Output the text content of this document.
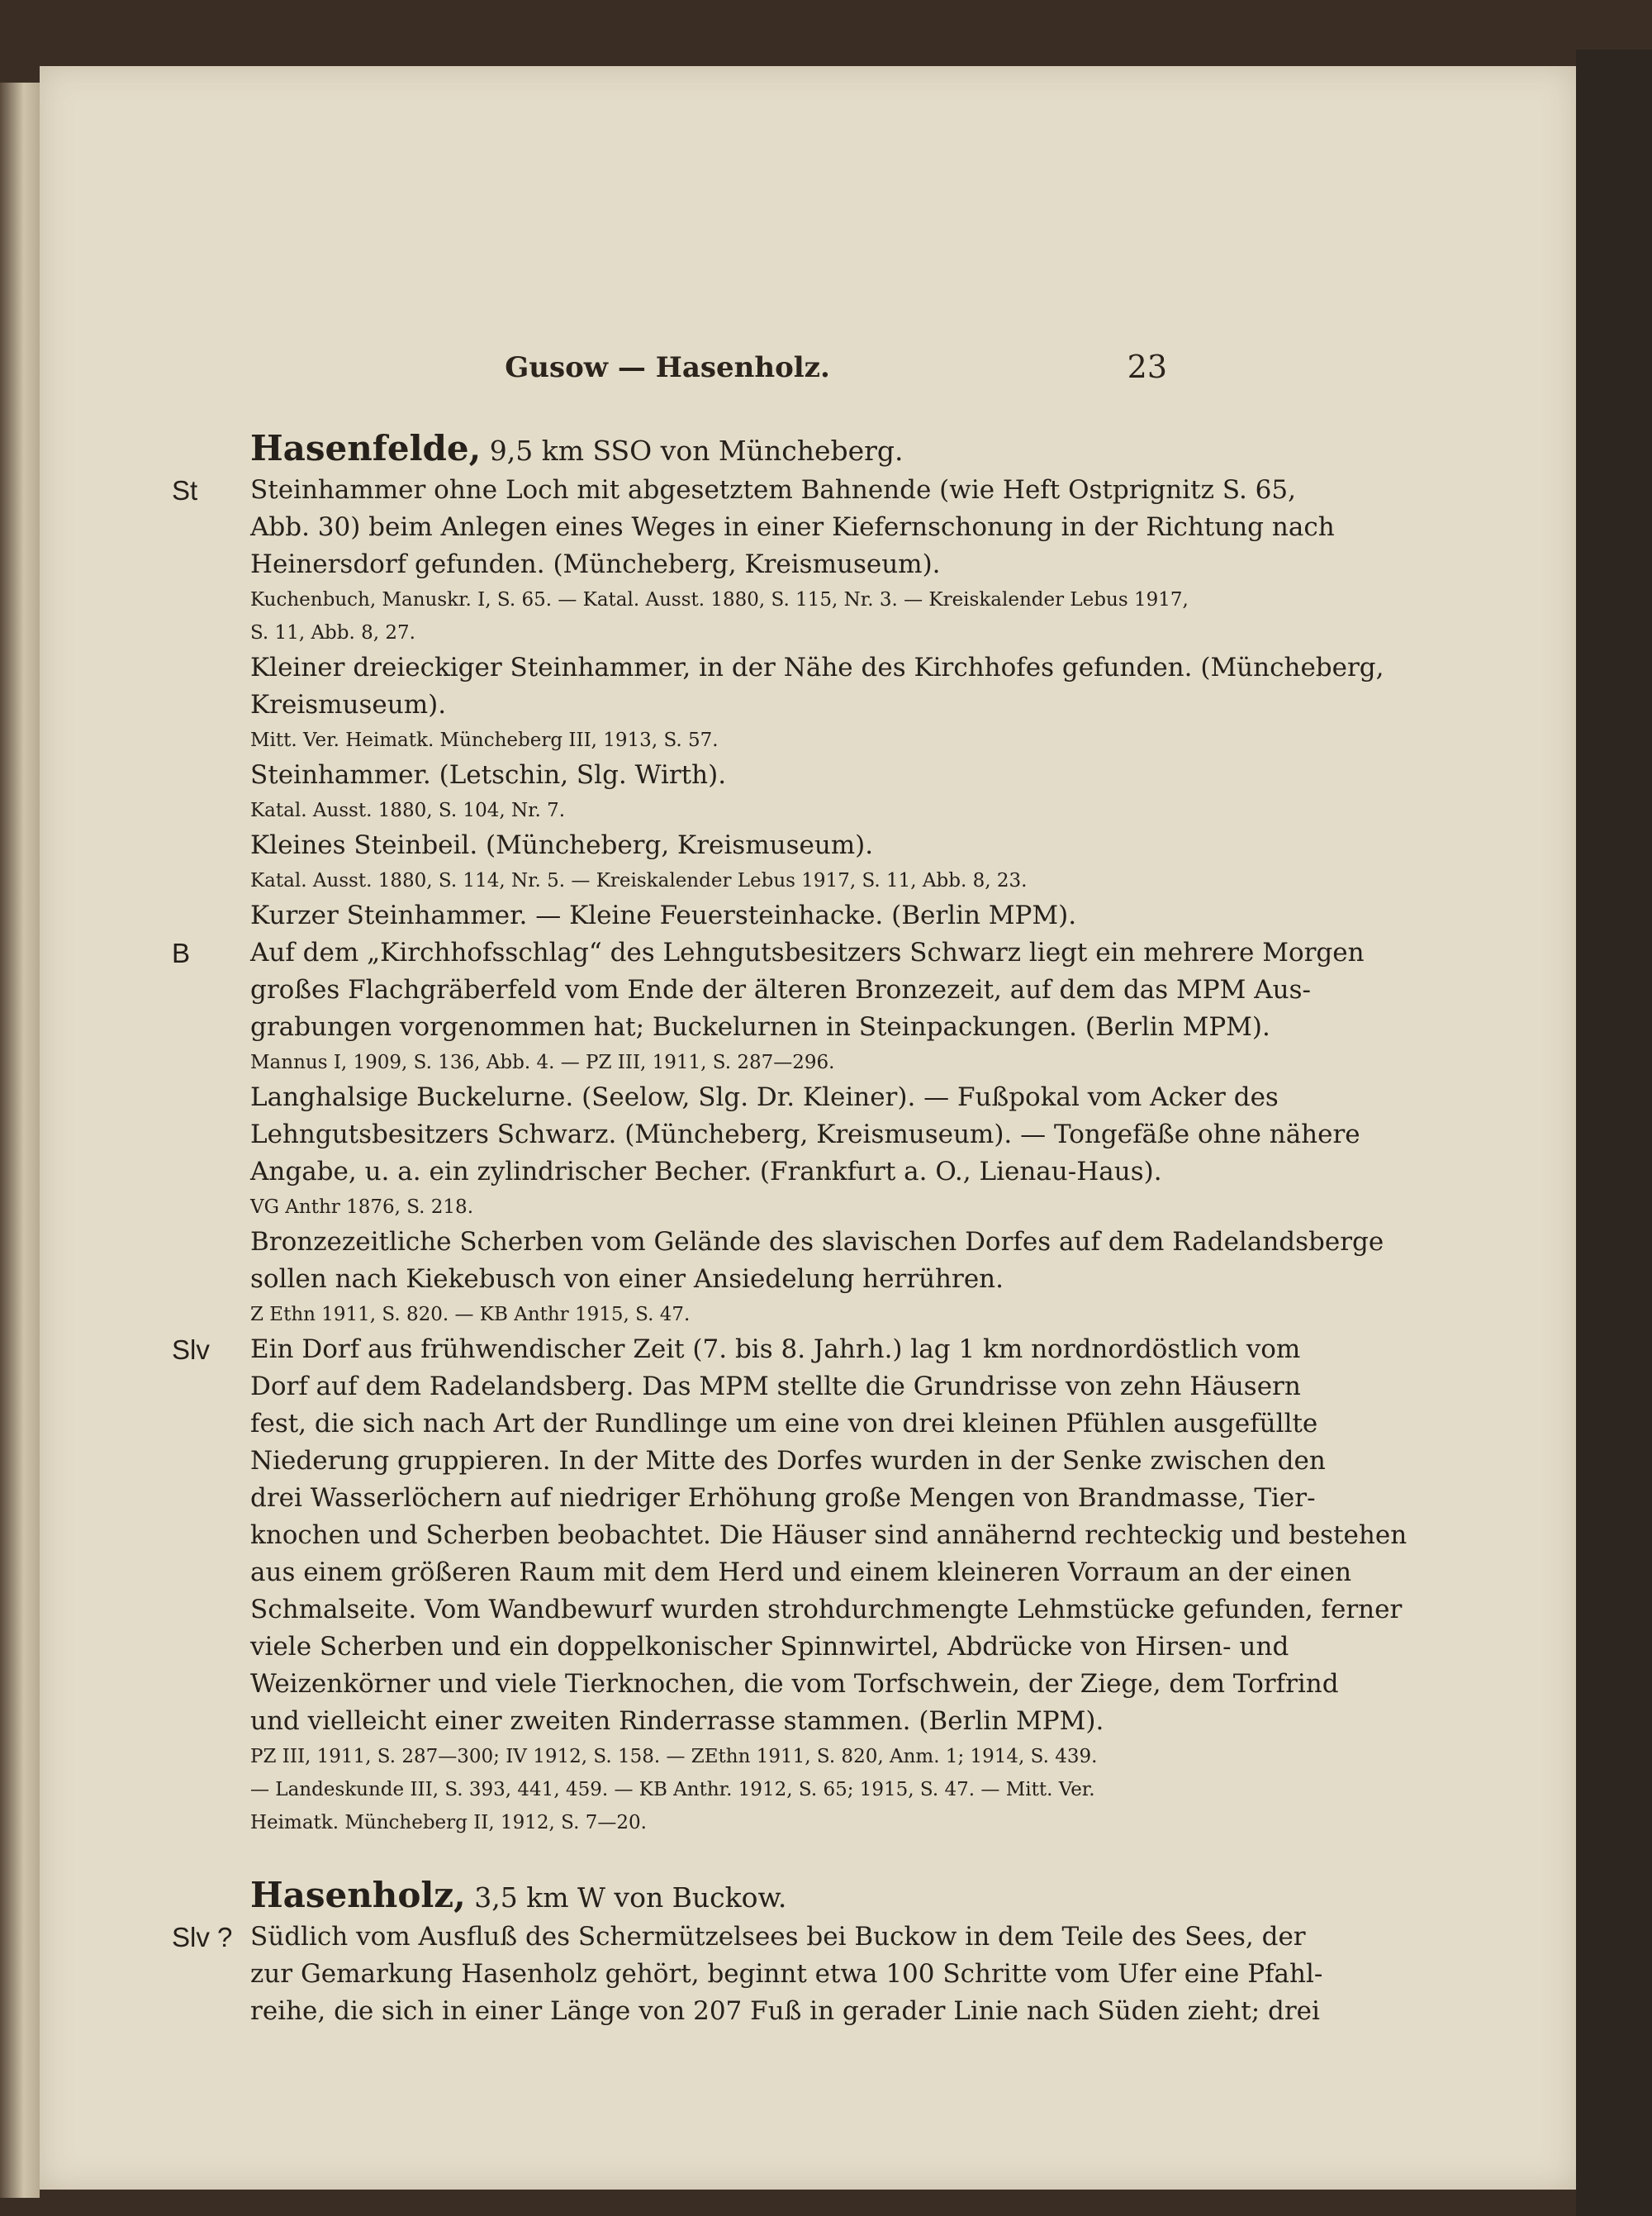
Gusow — Hasenholz.	23
Hasenfelde, 9,5 km SSO von Müncheberg.
Steinhammer ohne Loch mit abgesetztem Bahnende (wie Heft Ostprignitz S. 65,
St
Abb. 30) beim Anlegen eines Weges in einer Kiefernschonung in der Richtung nach
Heinersdorf gefunden. (Müncheberg, Kreismuseum).
Kuchenbuch, Manuskr. I, S. 65. — Katal. Ausst. 1880, S. 115, Nr. 3. — Kreiskalender Lebus 1917,
S. 11, Abb. 8, 27.
Kleiner dreieckiger Steinhammer, in der Nähe des Kirchhofes gefunden. (Müncheberg,
Kreismuseum).
Mitt. Ver. Heimatk. Müncheberg III, 1913, S. 57.
Steinhammer. (Letschin, Slg. Wirth).
Katal. Ausst. 1880, S. 104, Nr. 7.
Kleines Steinbeil. (Müncheberg, Kreismuseum).
Katal. Ausst. 1880, S. 114, Nr. 5. — Kreiskalender Lebus 1917, S. 11, Abb. 8, 23.
Kurzer Steinhammer. — Kleine Feuersteinhacke. (Berlin MPM).
Auf dem „Kirchhofsschlag“ des Lehngutsbesitzers Schwarz liegt ein mehrere Morgen
B
großes Flachgräberfeld vom Ende der älteren Bronzezeit, auf dem das MPM Aus-
grabungen vorgenommen hat; Buckelurnen in Steinpackungen. (Berlin MPM).
Mannus I, 1909, S. 136, Abb. 4. — PZ III, 1911, S. 287—296.
Langhalsige Buckelurne. (Seelow, Slg. Dr. Kleiner). — Fußpokal vom Acker des
Lehngutsbesitzers Schwarz. (Müncheberg, Kreismuseum). — Tongefäße ohne nähere
Angabe, u. a. ein zylindrischer Becher. (Frankfurt a. O., Lienau-Haus).
VG Anthr 1876, S. 218.
Bronzezeitliche Scherben vom Gelände des slavischen Dorfes auf dem Radelandsberge
sollen nach Kiekebusch von einer Ansiedelung herrühren.
Z Ethn 1911, S. 820. — KB Anthr 1915, S. 47.
Ein Dorf aus frühwendischer Zeit (7. bis 8. Jahrh.) lag 1 km nordnordöstlich vom
Slv
Dorf auf dem Radelandsberg. Das MPM stellte die Grundrisse von zehn Häusern
fest, die sich nach Art der Rundlinge um eine von drei kleinen Pfühlen ausgefüllte
Niederung gruppieren. In der Mitte des Dorfes wurden in der Senke zwischen den
drei Wasserlöchern auf niedriger Erhöhung große Mengen von Brandmasse, Tier-
knochen und Scherben beobachtet. Die Häuser sind annähernd rechteckig und bestehen
aus einem größeren Raum mit dem Herd und einem kleineren Vorraum an der einen
Schmalseite. Vom Wandbewurf wurden strohdurchmengte Lehmstücke gefunden, ferner
viele Scherben und ein doppelkonischer Spinnwirtel, Abdrücke von Hirsen- und
Weizenkörner und viele Tierknochen, die vom Torfschwein, der Ziege, dem Torfrind
und vielleicht einer zweiten Rinderrasse stammen. (Berlin MPM).
PZ III, 1911, S. 287—300; IV 1912, S. 158. — ZEthn 1911, S. 820, Anm. 1; 1914, S. 439.
— Landeskunde III, S. 393, 441, 459. — KB Anthr. 1912, S. 65; 1915, S. 47. — Mitt. Ver.
Heimatk. Müncheberg II, 1912, S. 7—20.
Hasenholz, 3,5 km W von Buckow.
Südlich vom Ausfluß des Schermützelsees bei Buckow in dem Teile des Sees, der
Slv ?
zur Gemarkung Hasenholz gehört, beginnt etwa 100 Schritte vom Ufer eine Pfahl-
reihe, die sich in einer Länge von 207 Fuß in gerader Linie nach Süden zieht; drei
